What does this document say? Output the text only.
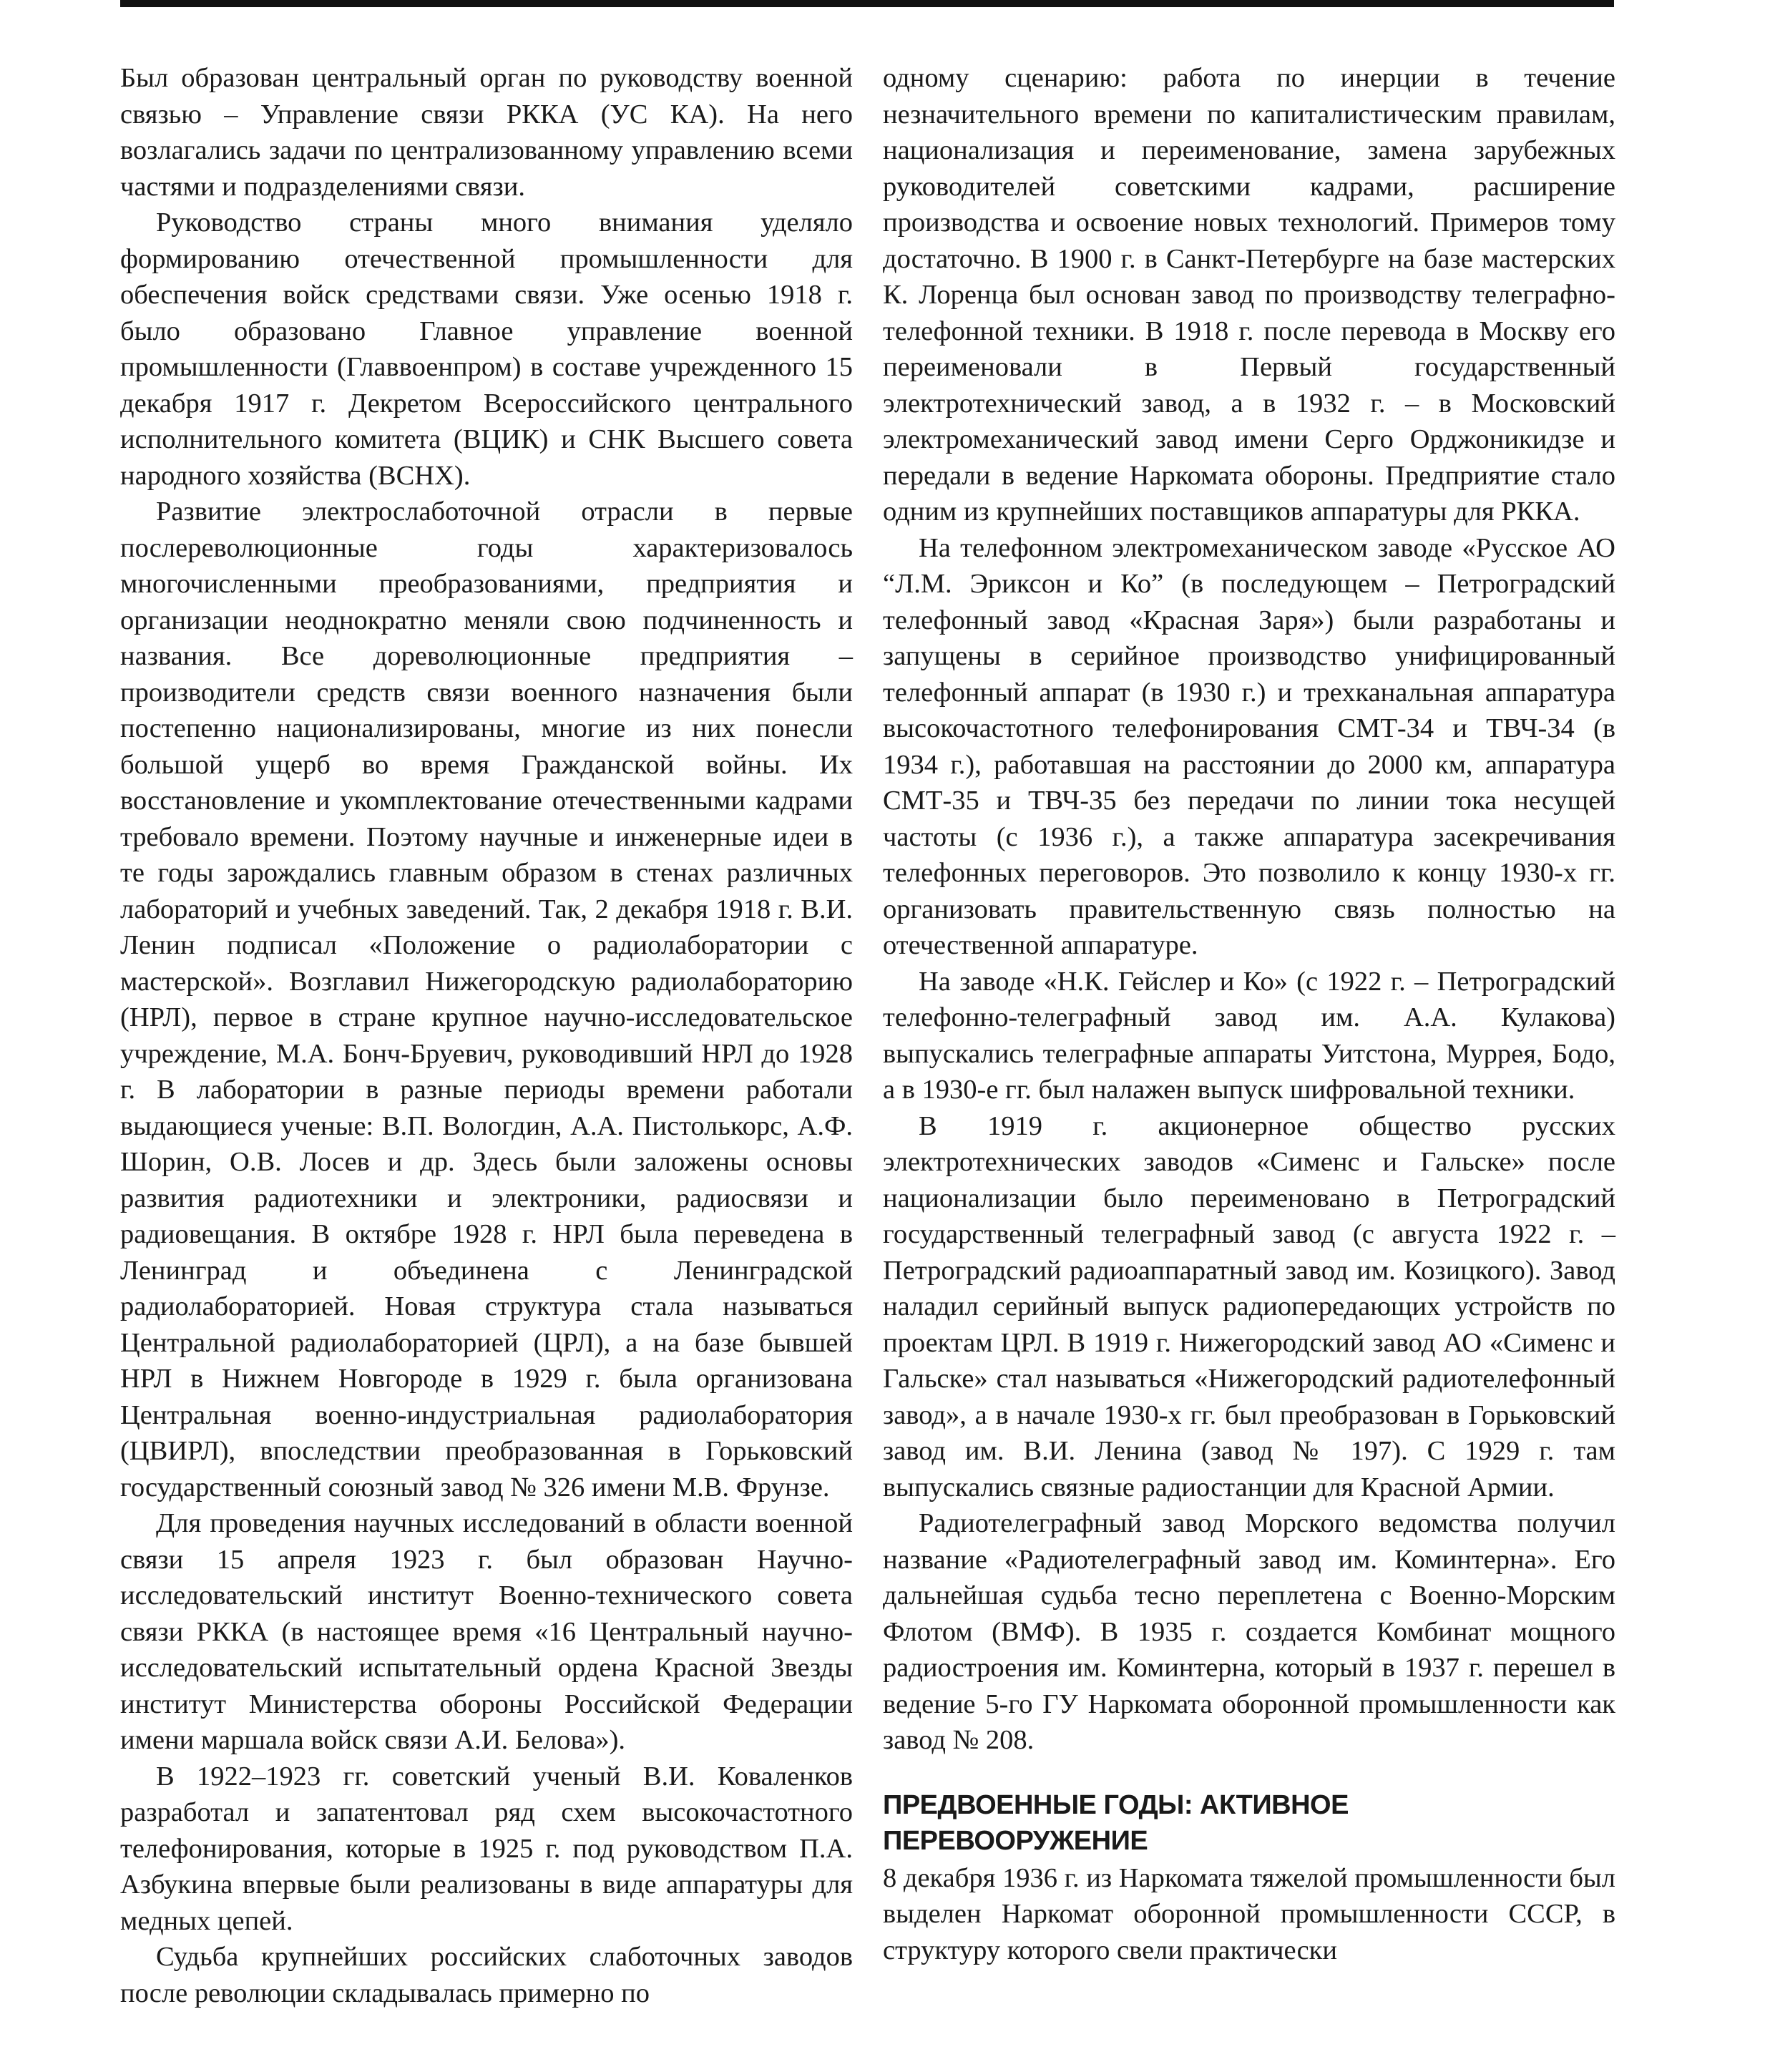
Был образован центральный орган по руководству военной связью – Управление связи РККА (УС КА). На него возлагались задачи по централизованному управлению всеми частями и подразделениями связи.

Руководство страны много внимания уделяло формированию отечественной промышленности для обеспечения войск средствами связи. Уже осенью 1918 г. было образовано Главное управление военной промышленности (Главвоенпром) в составе учрежденного 15 декабря 1917 г. Декретом Всероссийского центрального исполнительного комитета (ВЦИК) и СНК Высшего совета народного хозяйства (ВСНХ).

Развитие электрослаботочной отрасли в первые послереволюционные годы характеризовалось многочисленными преобразованиями, предприятия и организации неоднократно меняли свою подчиненность и названия. Все дореволюционные предприятия – производители средств связи военного назначения были постепенно национализированы, многие из них понесли большой ущерб во время Гражданской войны. Их восстановление и укомплектование отечественными кадрами требовало времени. Поэтому научные и инженерные идеи в те годы зарождались главным образом в стенах различных лабораторий и учебных заведений. Так, 2 декабря 1918 г. В.И. Ленин подписал «Положение о радиолаборатории с мастерской». Возглавил Нижегородскую радиолабораторию (НРЛ), первое в стране крупное научно-исследовательское учреждение, М.А. Бонч-Бруевич, руководивший НРЛ до 1928 г. В лаборатории в разные периоды времени работали выдающиеся ученые: В.П. Вологдин, А.А. Пистолькорс, А.Ф. Шорин, О.В. Лосев и др. Здесь были заложены основы развития радиотехники и электроники, радиосвязи и радиовещания. В октябре 1928 г. НРЛ была переведена в Ленинград и объединена с Ленинградской радиолабораторией. Новая структура стала называться Центральной радиолабораторией (ЦРЛ), а на базе бывшей НРЛ в Нижнем Новгороде в 1929 г. была организована Центральная военно-индустриальная радиолаборатория (ЦВИРЛ), впоследствии преобразованная в Горьковский государственный союзный завод № 326 имени М.В. Фрунзе.

Для проведения научных исследований в области военной связи 15 апреля 1923 г. был образован Научно-исследовательский институт Военно-технического совета связи РККА (в настоящее время «16 Центральный научно-исследовательский испытательный ордена Красной Звезды институт Министерства обороны Российской Федерации имени маршала войск связи А.И. Белова»).

В 1922–1923 гг. советский ученый В.И. Коваленков разработал и запатентовал ряд схем высокочастотного телефонирования, которые в 1925 г. под руководством П.А. Азбукина впервые были реализованы в виде аппаратуры для медных цепей.

Судьба крупнейших российских слаботочных заводов после революции складывалась примерно по

одному сценарию: работа по инерции в течение незначительного времени по капиталистическим правилам, национализация и переименование, замена зарубежных руководителей советскими кадрами, расширение производства и освоение новых технологий. Примеров тому достаточно. В 1900 г. в Санкт-Петербурге на базе мастерских К. Лоренца был основан завод по производству телеграфно-телефонной техники. В 1918 г. после перевода в Москву его переименовали в Первый государственный электротехнический завод, а в 1932 г. – в Московский электромеханический завод имени Серго Орджоникидзе и передали в ведение Наркомата обороны. Предприятие стало одним из крупнейших поставщиков аппаратуры для РККА.

На телефонном электромеханическом заводе «Русское АО “Л.М. Эриксон и Ко” (в последующем – Петроградский телефонный завод «Красная Заря») были разработаны и запущены в серийное производство унифицированный телефонный аппарат (в 1930 г.) и трехканальная аппаратура высокочастотного телефонирования СМТ-34 и ТВЧ-34 (в 1934 г.), работавшая на расстоянии до 2000 км, аппаратура СМТ-35 и ТВЧ-35 без передачи по линии тока несущей частоты (с 1936 г.), а также аппаратура засекречивания телефонных переговоров. Это позволило к концу 1930-х гг. организовать правительственную связь полностью на отечественной аппаратуре.

На заводе «Н.К. Гейслер и Ко» (с 1922 г. – Петроградский телефонно-телеграфный завод им. А.А. Кулакова) выпускались телеграфные аппараты Уитстона, Муррея, Бодо, а в 1930-е гг. был налажен выпуск шифровальной техники.

В 1919 г. акционерное общество русских электротехнических заводов «Сименс и Гальске» после национализации было переименовано в Петроградский государственный телеграфный завод (с августа 1922 г. – Петроградский радиоаппаратный завод им. Козицкого). Завод наладил серийный выпуск радиопередающих устройств по проектам ЦРЛ. В 1919 г. Нижегородский завод АО «Сименс и Гальске» стал называться «Нижегородский радиотелефонный завод», а в начале 1930-х гг. был преобразован в Горьковский завод им. В.И. Ленина (завод № 197). С 1929 г. там выпускались связные радиостанции для Красной Армии.

Радиотелеграфный завод Морского ведомства получил название «Радиотелеграфный завод им. Коминтерна». Его дальнейшая судьба тесно переплетена с Военно-Морским Флотом (ВМФ). В 1935 г. создается Комбинат мощного радиостроения им. Коминтерна, который в 1937 г. перешел в ведение 5-го ГУ Наркомата оборонной промышленности как завод № 208.

ПРЕДВОЕННЫЕ ГОДЫ: АКТИВНОЕ ПЕРЕВООРУЖЕНИЕ

8 декабря 1936 г. из Наркомата тяжелой промышленности был выделен Наркомат оборонной промышленности СССР, в структуру которого свели практически
